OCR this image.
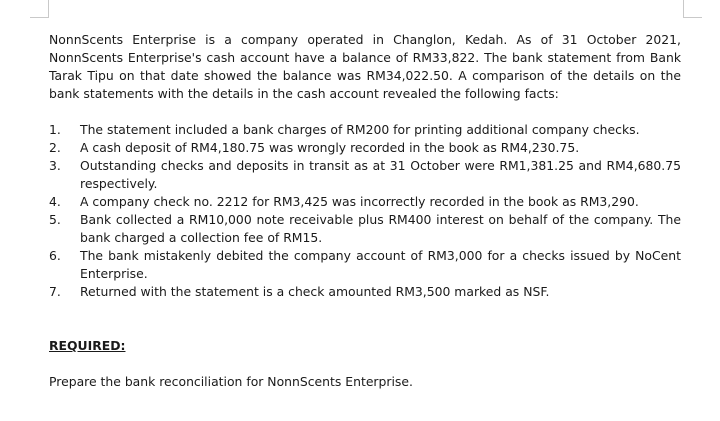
NonnScents Enterprise is a company operated in Changlon, Kedah. As of 31 October 2021, NonnScents Enterprise's cash account have a balance of RM33,822. The bank statement from Bank Tarak Tipu on that date showed the balance was RM34,022.50. A comparison of the details on the bank statements with the details in the cash account revealed the following facts:

1. The statement included a bank charges of RM200 for printing additional company checks.
2. A cash deposit of RM4,180.75 was wrongly recorded in the book as RM4,230.75.
3. Outstanding checks and deposits in transit as at 31 October were RM1,381.25 and RM4,680.75 respectively.
4. A company check no. 2212 for RM3,425 was incorrectly recorded in the book as RM3,290.
5. Bank collected a RM10,000 note receivable plus RM400 interest on behalf of the company. The bank charged a collection fee of RM15.
6. The bank mistakenly debited the company account of RM3,000 for a checks issued by NoCent Enterprise.
7. Returned with the statement is a check amounted RM3,500 marked as NSF.

REQUIRED:

Prepare the bank reconciliation for NonnScents Enterprise.
